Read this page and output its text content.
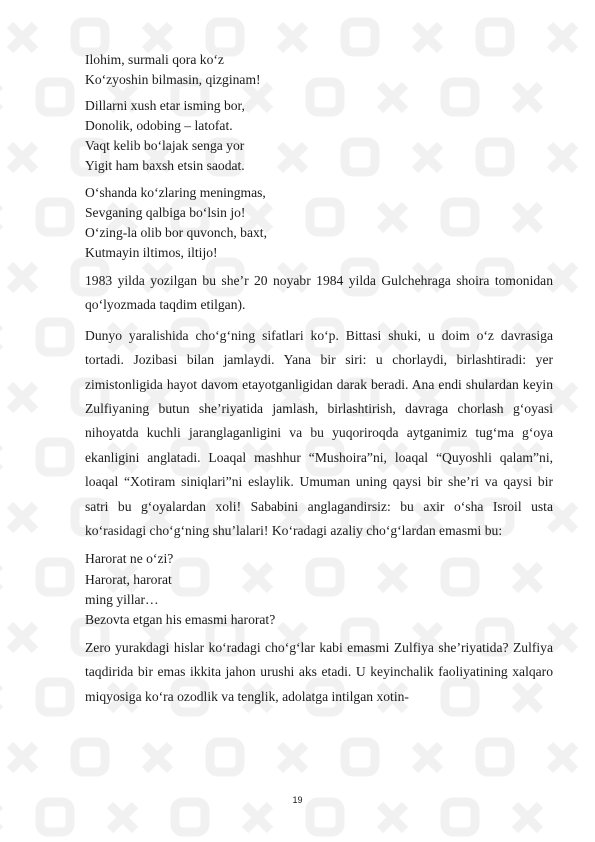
Ilohim, surmali qora ko‘z
Ko‘zyoshin bilmasin, qizginam!
Dillarni xush etar isming bor,
Donolik, odobing – latofat.
Vaqt kelib bo‘lajak senga yor
Yigit ham baxsh etsin saodat.
O‘shanda ko‘zlaring meningmas,
Sevganing qalbiga bo‘lsin jo!
O‘zing-la olib bor quvonch, baxt,
Kutmayin iltimos, iltijo!

1983 yilda yozilgan bu she’r 20 noyabr 1984 yilda Gulchehraga shoira tomonidan qo‘lyozmada taqdim etilgan).

Dunyo yaralishida cho‘g‘ning sifatlari ko‘p. Bittasi shuki, u doim o‘z davrasiga tortadi. Jozibasi bilan jamlaydi. Yana bir siri: u chorlaydi, birlashtiradi: yer zimistonligida hayot davom etayotganligidan darak beradi. Ana endi shulardan keyin Zulfiyaning butun she’riyatida jamlash, birlashtirish, davraga chorlash g‘oyasi nihoyatda kuchli jaranglaganligini va bu yuqoriroqda aytganimiz tug‘ma g‘oya ekanligini anglatadi. Loaqal mashhur “Mushoira”ni, loaqal “Quyoshli qalam”ni, loaqal “Xotiram siniqlari”ni eslaylik. Umuman uning qaysi bir she’ri va qaysi bir satri bu g‘oyalardan xoli! Sababini anglagandirsiz: bu axir o‘sha Isroil usta ko‘rasidagi cho‘g‘ning shu’lalari! Ko‘radagi azaliy cho‘g‘lardan emasmi bu:

Harorat ne o‘zi?
Harorat, harorat
ming yillar…
Bezovta etgan his emasmi harorat?

Zero yurakdagi hislar ko‘radagi cho‘g‘lar kabi emasmi Zulfiya she’riyatida? Zulfiya taqdirida bir emas ikkita jahon urushi aks etadi. U keyinchalik faoliyatining xalqaro miqyosiga ko‘ra ozodlik va tenglik, adolatga intilgan xotin-

19
